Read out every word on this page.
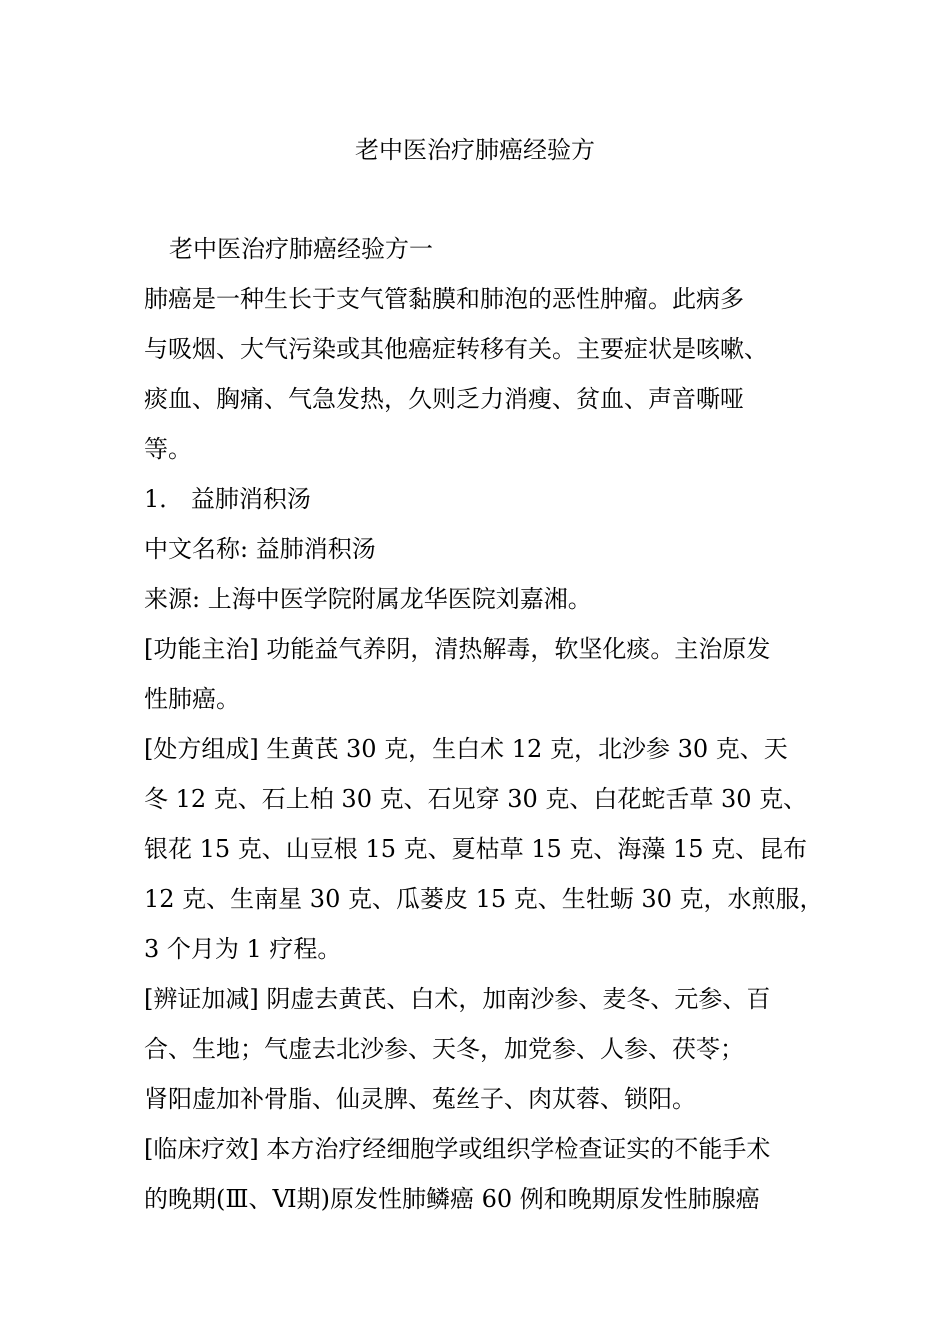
老中医治疗肺癌经验方
老中医治疗肺癌经验方一
肺癌是一种生长于支气管黏膜和肺泡的恶性肿瘤。此病多
与吸烟、大气污染或其他癌症转移有关。主要症状是咳嗽、
痰血、胸痛、气急发热，久则乏力消瘦、贫血、声音嘶哑
等。
1． 益肺消积汤
中文名称: 益肺消积汤
来源: 上海中医学院附属龙华医院刘嘉湘。
[功能主治] 功能益气养阴，清热解毒，软坚化痰。主治原发
性肺癌。
[处方组成] 生黄芪 30 克，生白术 12 克，北沙参 30 克、天
冬 12 克、石上柏 30 克、石见穿 30 克、白花蛇舌草 30 克、
银花 15 克、山豆根 15 克、夏枯草 15 克、海藻 15 克、昆布
12 克、生南星 30 克、瓜蒌皮 15 克、生牡蛎 30 克，水煎服，
3 个月为 1 疗程。
[辨证加减] 阴虚去黄芪、白术，加南沙参、麦冬、元参、百
合、生地；气虚去北沙参、天冬，加党参、人参、茯苓；
肾阳虚加补骨脂、仙灵脾、菟丝子、肉苁蓉、锁阳。
[临床疗效] 本方治疗经细胞学或组织学检查证实的不能手术
的晚期(Ⅲ、Ⅵ期)原发性肺鳞癌 60 例和晚期原发性肺腺癌
